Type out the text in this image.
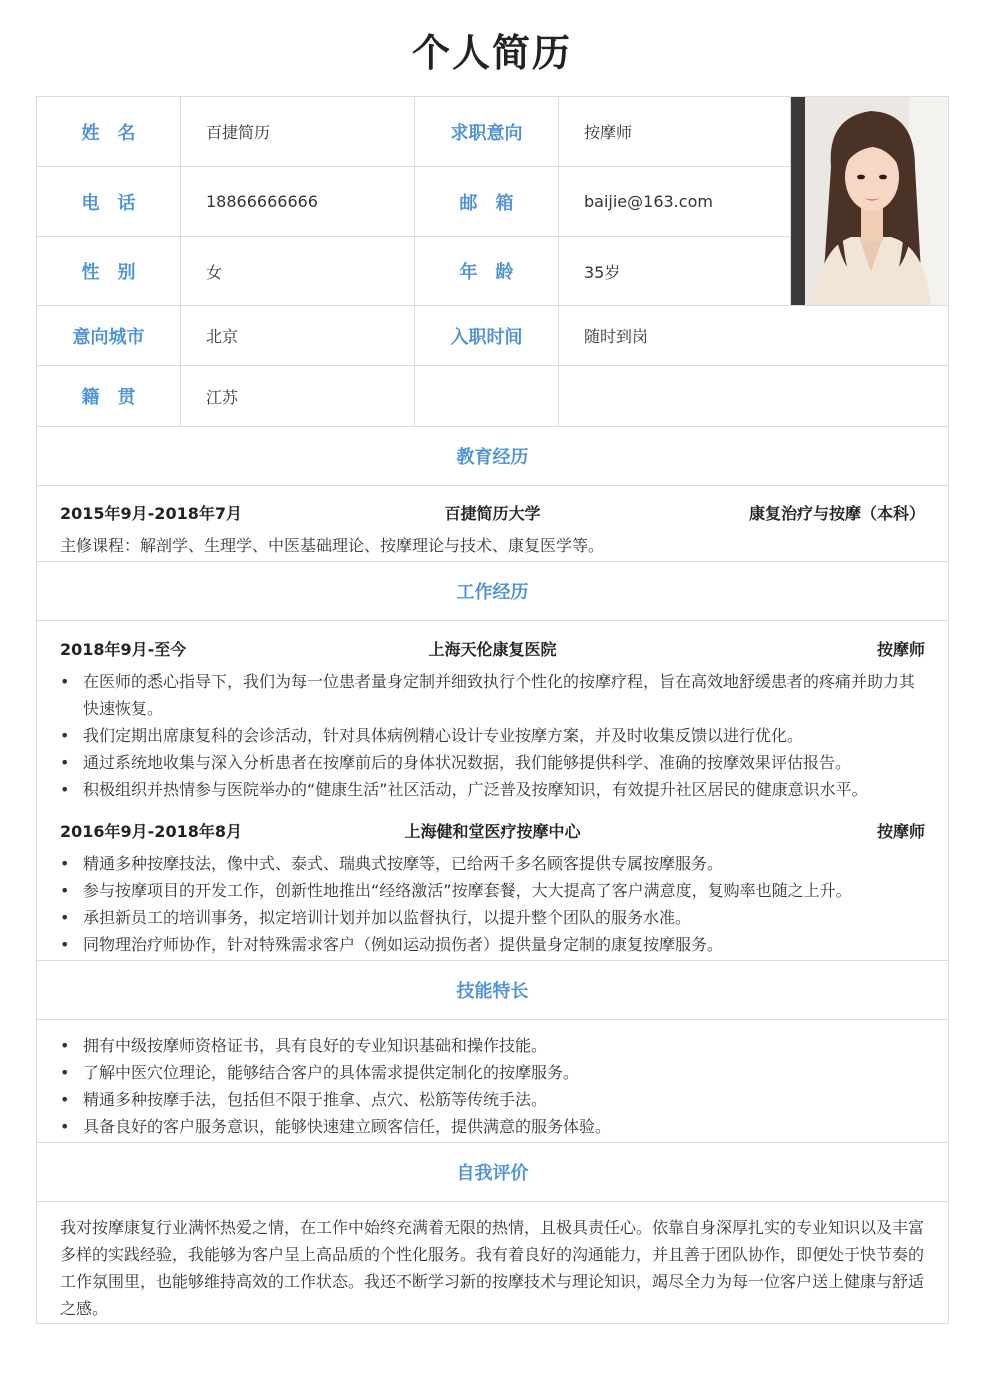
个人简历
姓　名	百捷简历	求职意向	按摩师
电　话	18866666666	邮　箱	baijie@163.com
性　别	女	年　龄	35岁
意向城市	北京	入职时间	随时到岗
籍　贯	江苏
教育经历
2015年9月-2018年7月	百捷简历大学	康复治疗与按摩（本科）
主修课程：解剖学、生理学、中医基础理论、按摩理论与技术、康复医学等。
工作经历
2018年9月-至今	上海天伦康复医院	按摩师
• 在医师的悉心指导下，我们为每一位患者量身定制并细致执行个性化的按摩疗程，旨在高效地舒缓患者的疼痛并助力其快速恢复。
• 我们定期出席康复科的会诊活动，针对具体病例精心设计专业按摩方案，并及时收集反馈以进行优化。
• 通过系统地收集与深入分析患者在按摩前后的身体状况数据，我们能够提供科学、准确的按摩效果评估报告。
• 积极组织并热情参与医院举办的“健康生活”社区活动，广泛普及按摩知识，有效提升社区居民的健康意识水平。
2016年9月-2018年8月	上海健和堂医疗按摩中心	按摩师
• 精通多种按摩技法，像中式、泰式、瑞典式按摩等，已给两千多名顾客提供专属按摩服务。
• 参与按摩项目的开发工作，创新性地推出“经络激活”按摩套餐，大大提高了客户满意度，复购率也随之上升。
• 承担新员工的培训事务，拟定培训计划并加以监督执行，以提升整个团队的服务水准。
• 同物理治疗师协作，针对特殊需求客户（例如运动损伤者）提供量身定制的康复按摩服务。
技能特长
• 拥有中级按摩师资格证书，具有良好的专业知识基础和操作技能。
• 了解中医穴位理论，能够结合客户的具体需求提供定制化的按摩服务。
• 精通多种按摩手法，包括但不限于推拿、点穴、松筋等传统手法。
• 具备良好的客户服务意识，能够快速建立顾客信任，提供满意的服务体验。
自我评价
我对按摩康复行业满怀热爱之情，在工作中始终充满着无限的热情，且极具责任心。依靠自身深厚扎实的专业知识以及丰富多样的实践经验，我能够为客户呈上高品质的个性化服务。我有着良好的沟通能力，并且善于团队协作，即便处于快节奏的工作氛围里，也能够维持高效的工作状态。我还不断学习新的按摩技术与理论知识，竭尽全力为每一位客户送上健康与舒适之感。
